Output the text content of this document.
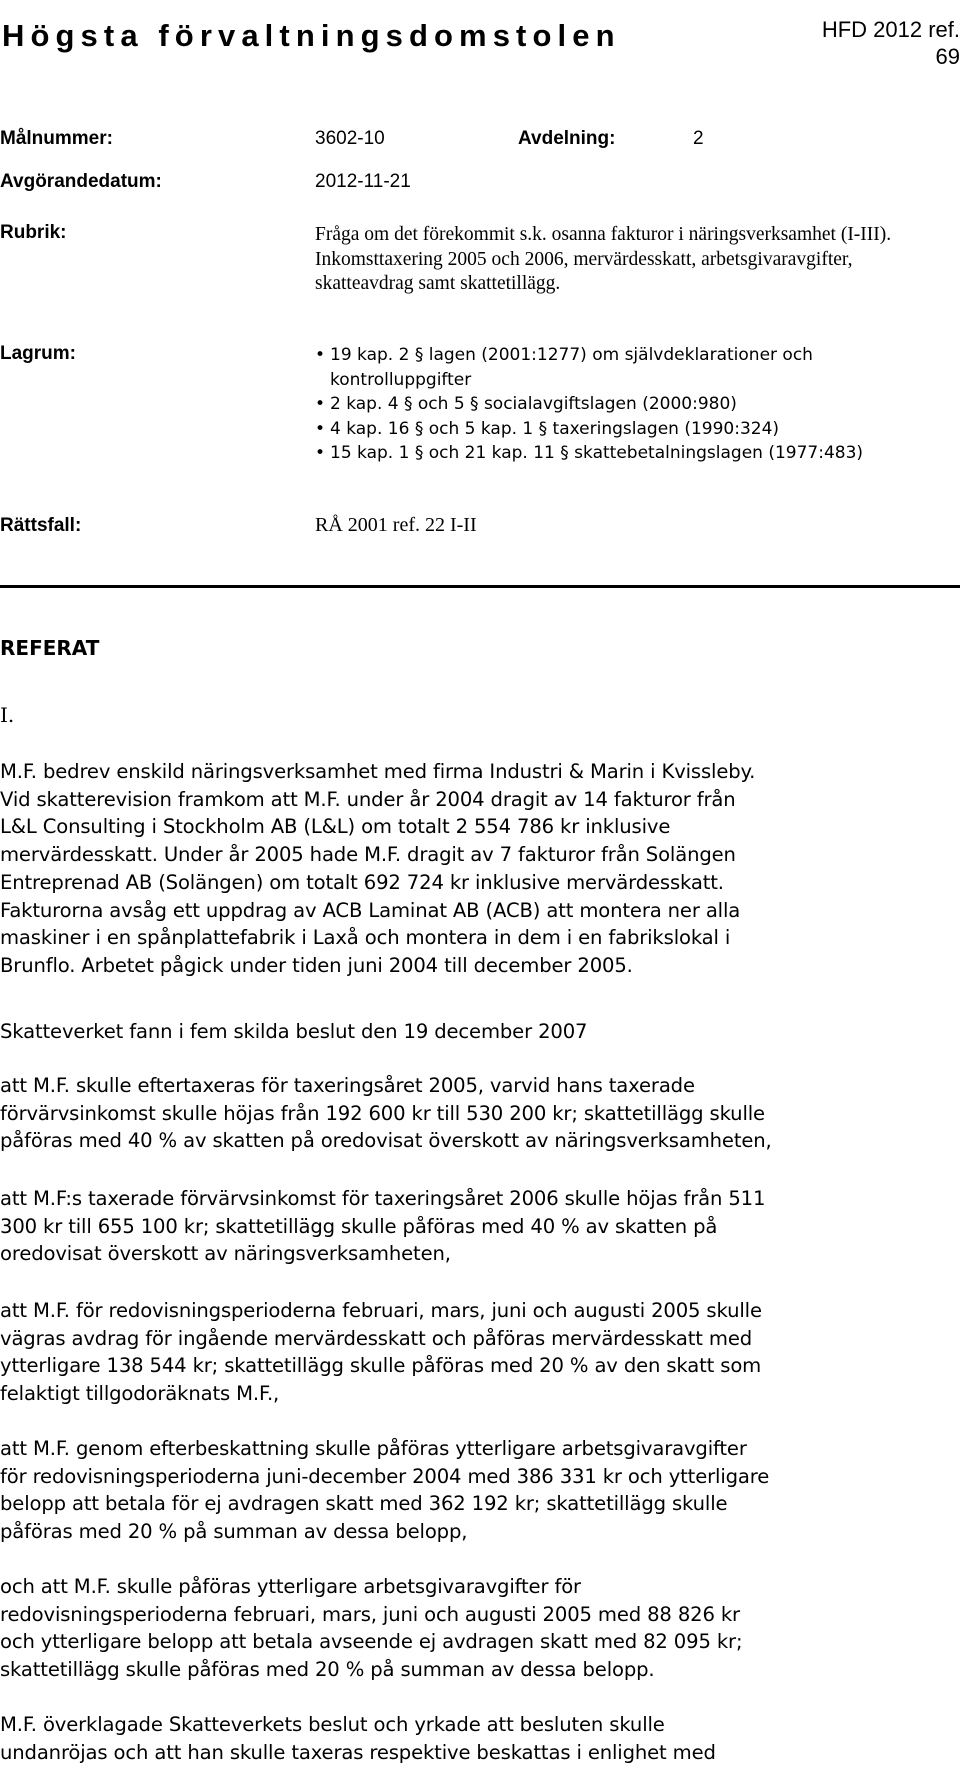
Högsta förvaltningsdomstolen	HFD 2012 ref.
69
Målnummer:	3602-10	Avdelning:	2
Avgörandedatum:	2012-11-21
Rubrik:	Fråga om det förekommit s.k. osanna fakturor i näringsverksamhet (I-III). Inkomsttaxering 2005 och 2006, mervärdesskatt, arbetsgivaravgifter, skatteavdrag samt skattetillägg.
Lagrum:	• 19 kap. 2 § lagen (2001:1277) om självdeklarationer och kontrolluppgifter
• 2 kap. 4 § och 5 § socialavgiftslagen (2000:980)
• 4 kap. 16 § och 5 kap. 1 § taxeringslagen (1990:324)
• 15 kap. 1 § och 21 kap. 11 § skattebetalningslagen (1977:483)
Rättsfall:	RÅ 2001 ref. 22 I-II
REFERAT
I.

M.F. bedrev enskild näringsverksamhet med firma Industri & Marin i Kvissleby.
Vid skatterevision framkom att M.F. under år 2004 dragit av 14 fakturor från
L&L Consulting i Stockholm AB (L&L) om totalt 2 554 786 kr inklusive
mervärdesskatt. Under år 2005 hade M.F. dragit av 7 fakturor från Solängen
Entreprenad AB (Solängen) om totalt 692 724 kr inklusive mervärdesskatt.
Fakturorna avsåg ett uppdrag av ACB Laminat AB (ACB) att montera ner alla
maskiner i en spånplattefabrik i Laxå och montera in dem i en fabrikslokal i
Brunflo. Arbetet pågick under tiden juni 2004 till december 2005.

Skatteverket fann i fem skilda beslut den 19 december 2007

att M.F. skulle eftertaxeras för taxeringsåret 2005, varvid hans taxerade
förvärvsinkomst skulle höjas från 192 600 kr till 530 200 kr; skattetillägg skulle
påföras med 40 % av skatten på oredovisat överskott av näringsverksamheten,

att M.F:s taxerade förvärvsinkomst för taxeringsåret 2006 skulle höjas från 511
300 kr till 655 100 kr; skattetillägg skulle påföras med 40 % av skatten på
oredovisat överskott av näringsverksamheten,

att M.F. för redovisningsperioderna februari, mars, juni och augusti 2005 skulle
vägras avdrag för ingående mervärdesskatt och påföras mervärdesskatt med
ytterligare 138 544 kr; skattetillägg skulle påföras med 20 % av den skatt som
felaktigt tillgodoräknats M.F.,

att M.F. genom efterbeskattning skulle påföras ytterligare arbetsgivaravgifter
för redovisningsperioderna juni-december 2004 med 386 331 kr och ytterligare
belopp att betala för ej avdragen skatt med 362 192 kr; skattetillägg skulle
påföras med 20 % på summan av dessa belopp,

och att M.F. skulle påföras ytterligare arbetsgivaravgifter för
redovisningsperioderna februari, mars, juni och augusti 2005 med 88 826 kr
och ytterligare belopp att betala avseende ej avdragen skatt med 82 095 kr;
skattetillägg skulle påföras med 20 % på summan av dessa belopp.

M.F. överklagade Skatteverkets beslut och yrkade att besluten skulle
undanröjas och att han skulle taxeras respektive beskattas i enlighet med
